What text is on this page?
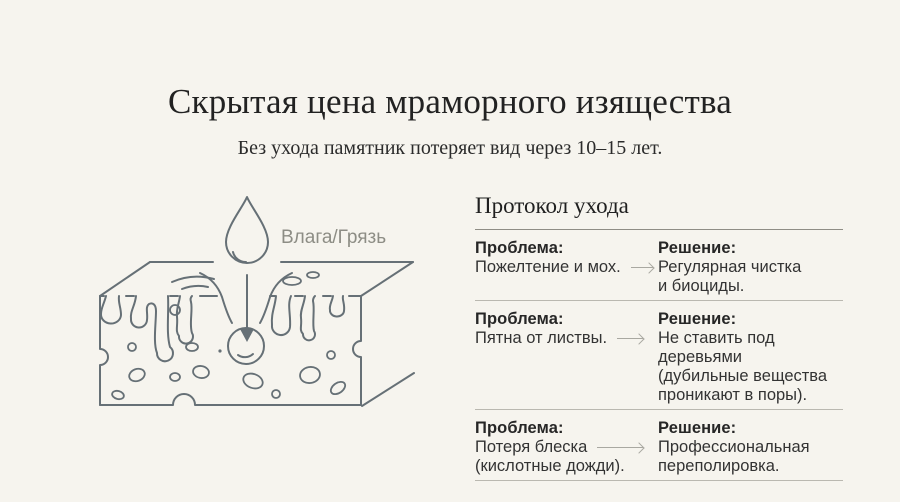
Скрытая цена мраморного изящества

Без ухода памятник потеряет вид через 10–15 лет.

Влага/Грязь
Протокол ухода
Проблема:
Пожелтение и мох.
Решение:
Регулярная чистка
и биоциды.
Проблема:
Пятна от листвы.
Решение:
Не ставить под деревьями
(дубильные вещества
проникают в поры).
Проблема:
Потеря блеска
(кислотные дожди).
Решение:
Профессиональная
переполировка.
